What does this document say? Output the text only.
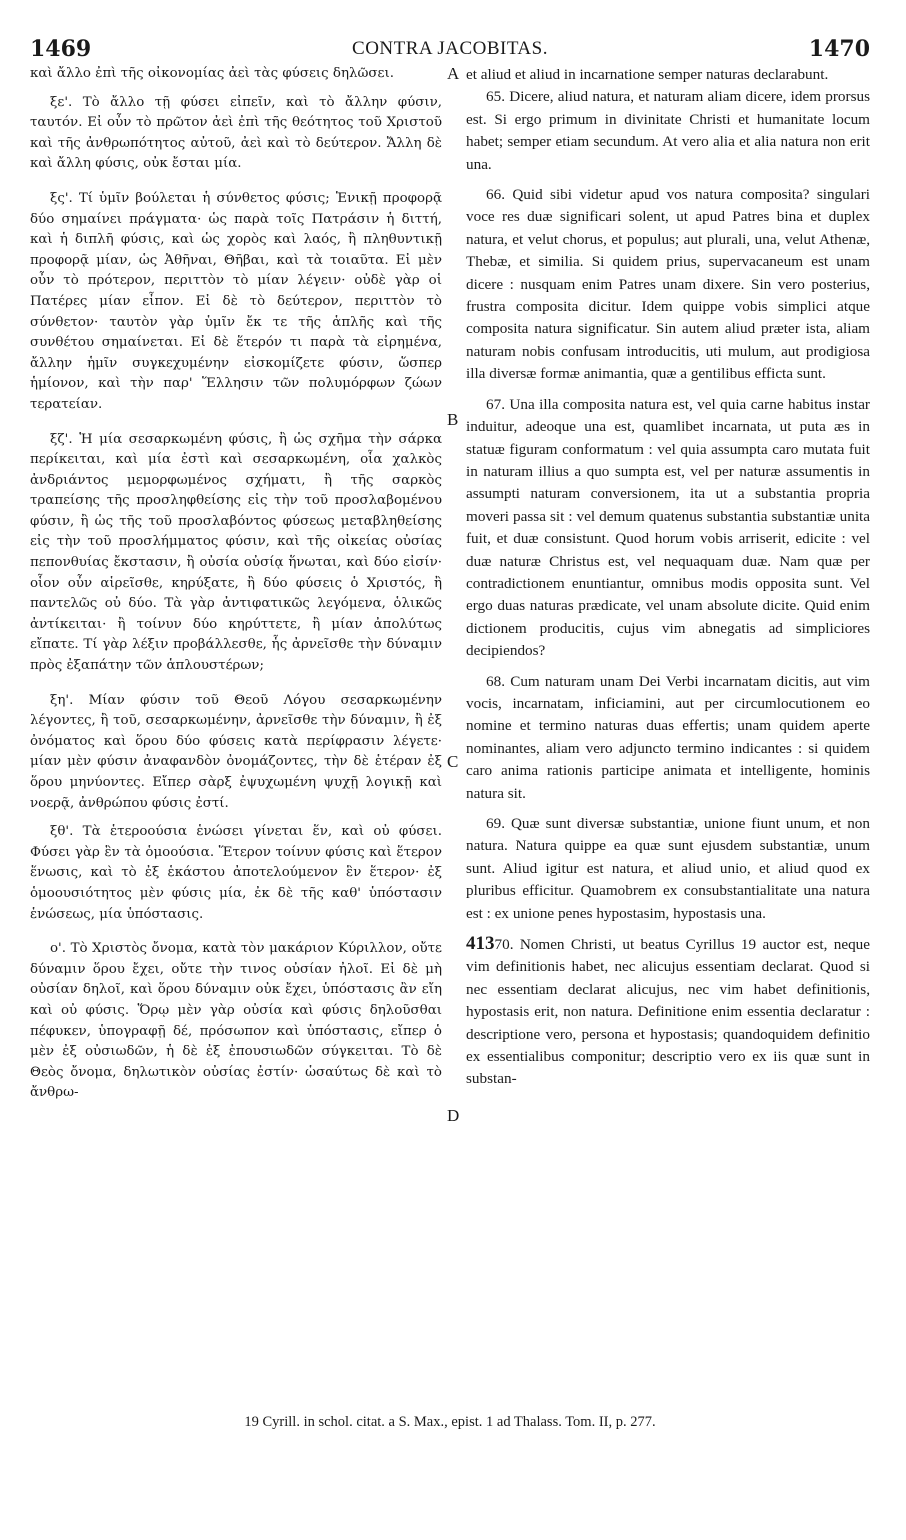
1469	CONTRA JACOBITAS.	1470

καὶ ἄλλο ἐπὶ τῆς οἰκονομίας ἀεὶ τὰς φύσεις δηλῶσει.

ξε'. Τὸ ἄλλο τῇ φύσει εἰπεῖν, καὶ τὸ ἄλλην φύσιν, ταυτόν. Εἰ οὖν τὸ πρῶτον ἀεὶ ἐπὶ τῆς θεότητος τοῦ Χριστοῦ καὶ τῆς ἀνθρωπότητος αὐτοῦ, ἀεὶ καὶ τὸ δεύτερον. Ἄλλη δὲ καὶ ἄλλη φύσις, οὐκ ἔσται μία.

ξς'. Τί ὑμῖν βούλεται ἡ σύνθετος φύσις; Ἑνικῇ προφορᾷ δύο σημαίνει πράγματα· ὡς παρὰ τοῖς Πατράσιν ἡ διττή, καὶ ἡ διπλῆ φύσις, καὶ ὡς χορὸς καὶ λαός, ἢ πληθυντικῇ προφορᾷ μίαν, ὡς Ἀθῆναι, Θῆβαι, καὶ τὰ τοιαῦτα. Εἰ μὲν οὖν τὸ πρότερον, περιττὸν τὸ μίαν λέγειν· οὐδὲ γὰρ οἱ Πατέρες μίαν εἶπον. Εἰ δὲ τὸ δεύτερον, περιττὸν τὸ σύνθετον· ταυτὸν γὰρ ὑμῖν ἔκ τε τῆς ἁπλῆς καὶ τῆς συνθέτου σημαίνεται. Εἰ δὲ ἕτερόν τι παρὰ τὰ εἰρημένα, ἄλλην ἡμῖν συγκεχυμένην εἰσκομίζετε φύσιν, ὥσπερ ἡμίονον, καὶ τὴν παρ' Ἕλλησιν τῶν πολυμόρφων ζώων τερατείαν.

ξζ'. Ἡ μία σεσαρκωμένη φύσις, ἢ ὡς σχῆμα τὴν σάρκα περίκειται, καὶ μία ἐστὶ καὶ σεσαρκωμένη, οἷα χαλκὸς ἀνδριάντος μεμορφωμένος σχήματι, ἢ τῆς σαρκὸς τραπείσης τῆς προσληφθείσης εἰς τὴν τοῦ προσλαβομένου φύσιν, ἢ ὡς τῆς τοῦ προσλαβόντος φύσεως μεταβληθείσης εἰς τὴν τοῦ προσλήμματος φύσιν, καὶ τῆς οἰκείας οὐσίας πεπονθυίας ἔκστασιν, ἢ οὐσία οὐσίᾳ ἥνωται, καὶ δύο εἰσίν· οἷον οὖν αἱρεῖσθε, κηρύξατε, ἢ δύο φύσεις ὁ Χριστός, ἢ παντελῶς οὐ δύο. Τὰ γὰρ ἀντιφατικῶς λεγόμενα, ὁλικῶς ἀντίκειται· ἢ τοίνυν δύο κηρύττετε, ἢ μίαν ἀπολύτως εἴπατε. Τί γὰρ λέξιν προβάλλεσθε, ἧς ἀρνεῖσθε τὴν δύναμιν πρὸς ἐξαπάτην τῶν ἁπλουστέρων;

ξη'. Μίαν φύσιν τοῦ Θεοῦ Λόγου σεσαρκωμένην λέγοντες, ἢ τοῦ, σεσαρκωμένην, ἀρνεῖσθε τὴν δύναμιν, ἢ ἐξ ὀνόματος καὶ ὅρου δύο φύσεις κατὰ περίφρασιν λέγετε· μίαν μὲν φύσιν ἀναφανδὸν ὀνομάζοντες, τὴν δὲ ἑτέραν ἐξ ὅρου μηνύοντες. Εἴπερ σὰρξ ἐψυχωμένη ψυχῇ λογικῇ καὶ νοερᾷ, ἀνθρώπου φύσις ἐστί.

ξθ'. Τὰ ἑτεροούσια ἑνώσει γίνεται ἕν, καὶ οὐ φύσει. Φύσει γὰρ ἓν τὰ ὁμοούσια. Ἕτερον τοίνυν φύσις καὶ ἕτερον ἕνωσις, καὶ τὸ ἐξ ἑκάστου ἀποτελούμενον ἓν ἕτερον· ἐξ ὁμοουσιότητος μὲν φύσις μία, ἐκ δὲ τῆς καθ' ὑπόστασιν ἑνώσεως, μία ὑπόστασις.

ο'. Τὸ Χριστὸς ὄνομα, κατὰ τὸν μακάριον Κύριλλον, οὔτε δύναμιν ὅρου ἔχει, οὔτε τὴν τινος οὐσίαν ἠλοῖ. Εἰ δὲ μὴ οὐσίαν δηλοῖ, καὶ ὅρου δύναμιν οὐκ ἔχει, ὑπόστασις ἂν εἴη καὶ οὐ φύσις. Ὅρῳ μὲν γὰρ οὐσία καὶ φύσις δηλοῦσθαι πέφυκεν, ὑπογραφῇ δέ, πρόσωπον καὶ ὑπόστασις, εἴπερ ὁ μὲν ἐξ οὐσιωδῶν, ἡ δὲ ἐξ ἐπουσιωδῶν σύγκειται. Τὸ δὲ Θεὸς ὄνομα, δηλωτικὸν οὐσίας ἐστίν· ὡσαύτως δὲ καὶ τὸ ἄνθρω-

A
B
C
D

et aliud et aliud in incarnatione semper naturas declarabunt.

65. Dicere, aliud natura, et naturam aliam dicere, idem prorsus est. Si ergo primum in divinitate Christi et humanitate locum habet; semper etiam secundum. At vero alia et alia natura non erit una.

66. Quid sibi videtur apud vos natura composita? singulari voce res duæ significari solent, ut apud Patres bina et duplex natura, et velut chorus, et populus; aut plurali, una, velut Athenæ, Thebæ, et similia. Si quidem prius, supervacaneum est unam dicere : nusquam enim Patres unam dixere. Sin vero posterius, frustra composita dicitur. Idem quippe vobis simplici atque composita natura significatur. Sin autem aliud præter ista, aliam naturam nobis confusam introducitis, uti mulum, aut prodigiosa illa diversæ formæ animantia, quæ a gentilibus efficta sunt.

67. Una illa composita natura est, vel quia carne habitus instar induitur, adeoque una est, quamlibet incarnata, ut puta æs in statuæ figuram conformatum : vel quia assumpta caro mutata fuit in naturam illius a quo sumpta est, vel per naturæ assumentis in assumpti naturam conversionem, ita ut a substantia propria moveri passa sit : vel demum quatenus substantia substantiæ unita fuit, et duæ consistunt. Quod horum vobis arriserit, edicite : vel duæ naturæ Christus est, vel nequaquam duæ. Nam quæ per contradictionem enuntiantur, omnibus modis opposita sunt. Vel ergo duas naturas prædicate, vel unam absolute dicite. Quid enim dictionem producitis, cujus vim abnegatis ad simpliciores decipiendos?

68. Cum naturam unam Dei Verbi incarnatam dicitis, aut vim vocis, incarnatam, inficiamini, aut per circumlocutionem eo nomine et termino naturas duas effertis; unam quidem aperte nominantes, aliam vero adjuncto termino indicantes : si quidem caro anima rationis participe animata et intelligente, hominis natura sit.

69. Quæ sunt diversæ substantiæ, unione fiunt unum, et non natura. Natura quippe ea quæ sunt ejusdem substantiæ, unum sunt. Aliud igitur est natura, et aliud unio, et aliud quod ex pluribus efficitur. Quamobrem ex consubstantialitate una natura est : ex unione penes hypostasim, hypostasis una.

41370. Nomen Christi, ut beatus Cyrillus 19 auctor est, neque vim definitionis habet, nec alicujus essentiam declarat. Quod si nec essentiam declarat alicujus, nec vim habet definitionis, hypostasis erit, non natura. Definitione enim essentia declaratur : descriptione vero, persona et hypostasis; quandoquidem definitio ex essentialibus componitur; descriptio vero ex iis quæ sunt in substan-

19 Cyrill. in schol. citat. a S. Max., epist. 1 ad Thalass. Tom. II, p. 277.
